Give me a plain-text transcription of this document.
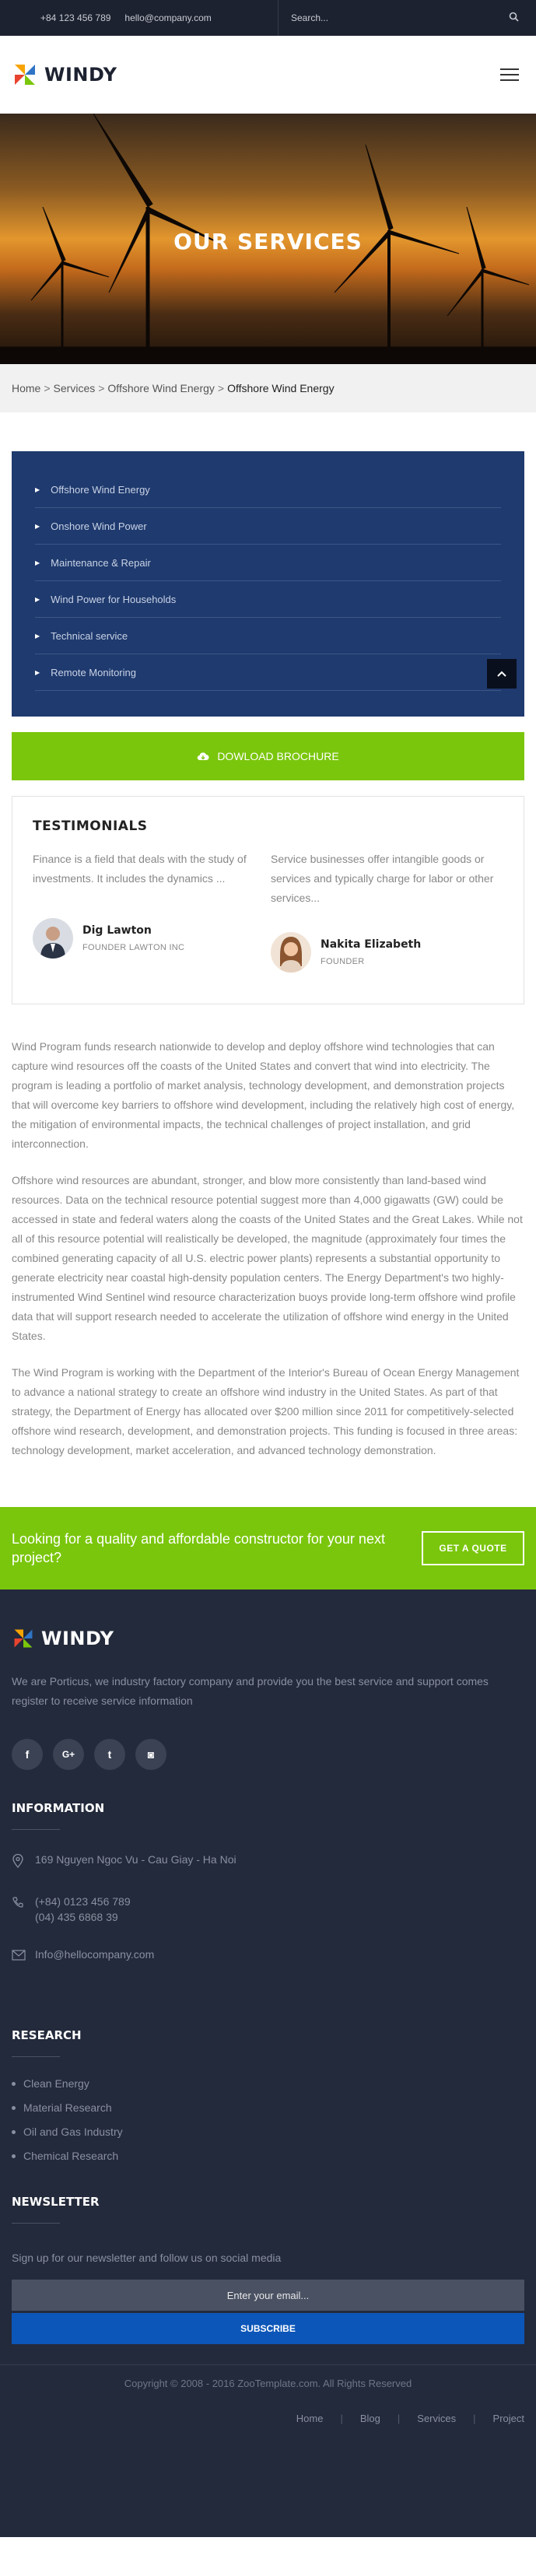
+84 123 456 789 hello@company.com
Search...
WINDY
OUR SERVICES
Home > Services > Offshore Wind Energy > Offshore Wind Energy
▶ Offshore Wind Energy
▶ Onshore Wind Power
▶ Maintenance & Repair
▶ Wind Power for Households
▶ Technical service
▶ Remote Monitoring
DOWLOAD BROCHURE
TESTIMONIALS

Finance is a field that deals with the study of investments. It includes the dynamics ...

Dig Lawton
FOUNDER LAWTON INC

Service businesses offer intangible goods or services and typically charge for labor or other services...

Nakita Elizabeth
FOUNDER

Wind Program funds research nationwide to develop and deploy offshore wind technologies that can capture wind resources off the coasts of the United States and convert that wind into electricity. The program is leading a portfolio of market analysis, technology development, and demonstration projects that will overcome key barriers to offshore wind development, including the relatively high cost of energy, the mitigation of environmental impacts, the technical challenges of project installation, and grid interconnection.

Offshore wind resources are abundant, stronger, and blow more consistently than land-based wind resources. Data on the technical resource potential suggest more than 4,000 gigawatts (GW) could be accessed in state and federal waters along the coasts of the United States and the Great Lakes. While not all of this resource potential will realistically be developed, the magnitude (approximately four times the combined generating capacity of all U.S. electric power plants) represents a substantial opportunity to generate electricity near coastal high-density population centers. The Energy Department's two highly-instrumented Wind Sentinel wind resource characterization buoys provide long-term offshore wind profile data that will support research needed to accelerate the utilization of offshore wind energy in the United States.

The Wind Program is working with the Department of the Interior's Bureau of Ocean Energy Management to advance a national strategy to create an offshore wind industry in the United States. As part of that strategy, the Department of Energy has allocated over $200 million since 2011 for competitively-selected offshore wind research, development, and demonstration projects. This funding is focused in three areas: technology development, market acceleration, and advanced technology demonstration.

Looking for a quality and affordable constructor for your next project?
GET A QUOTE
WINDY

We are Porticus, we industry factory company and provide you the best service and support comes register to receive service information

f	G+	t	◙
INFORMATION
169 Nguyen Ngoc Vu - Cau Giay - Ha Noi
(+84) 0123 456 789
(04) 435 6868 39
Info@hellocompany.com
RESEARCH
Clean Energy
Material Research
Oil and Gas Industry
Chemical Research
NEWSLETTER

Sign up for our newsletter and follow us on social media

Enter your email...
SUBSCRIBE
Copyright © 2008 - 2016 ZooTemplate.com. All Rights Reserved
Home | Blog | Services | Project
